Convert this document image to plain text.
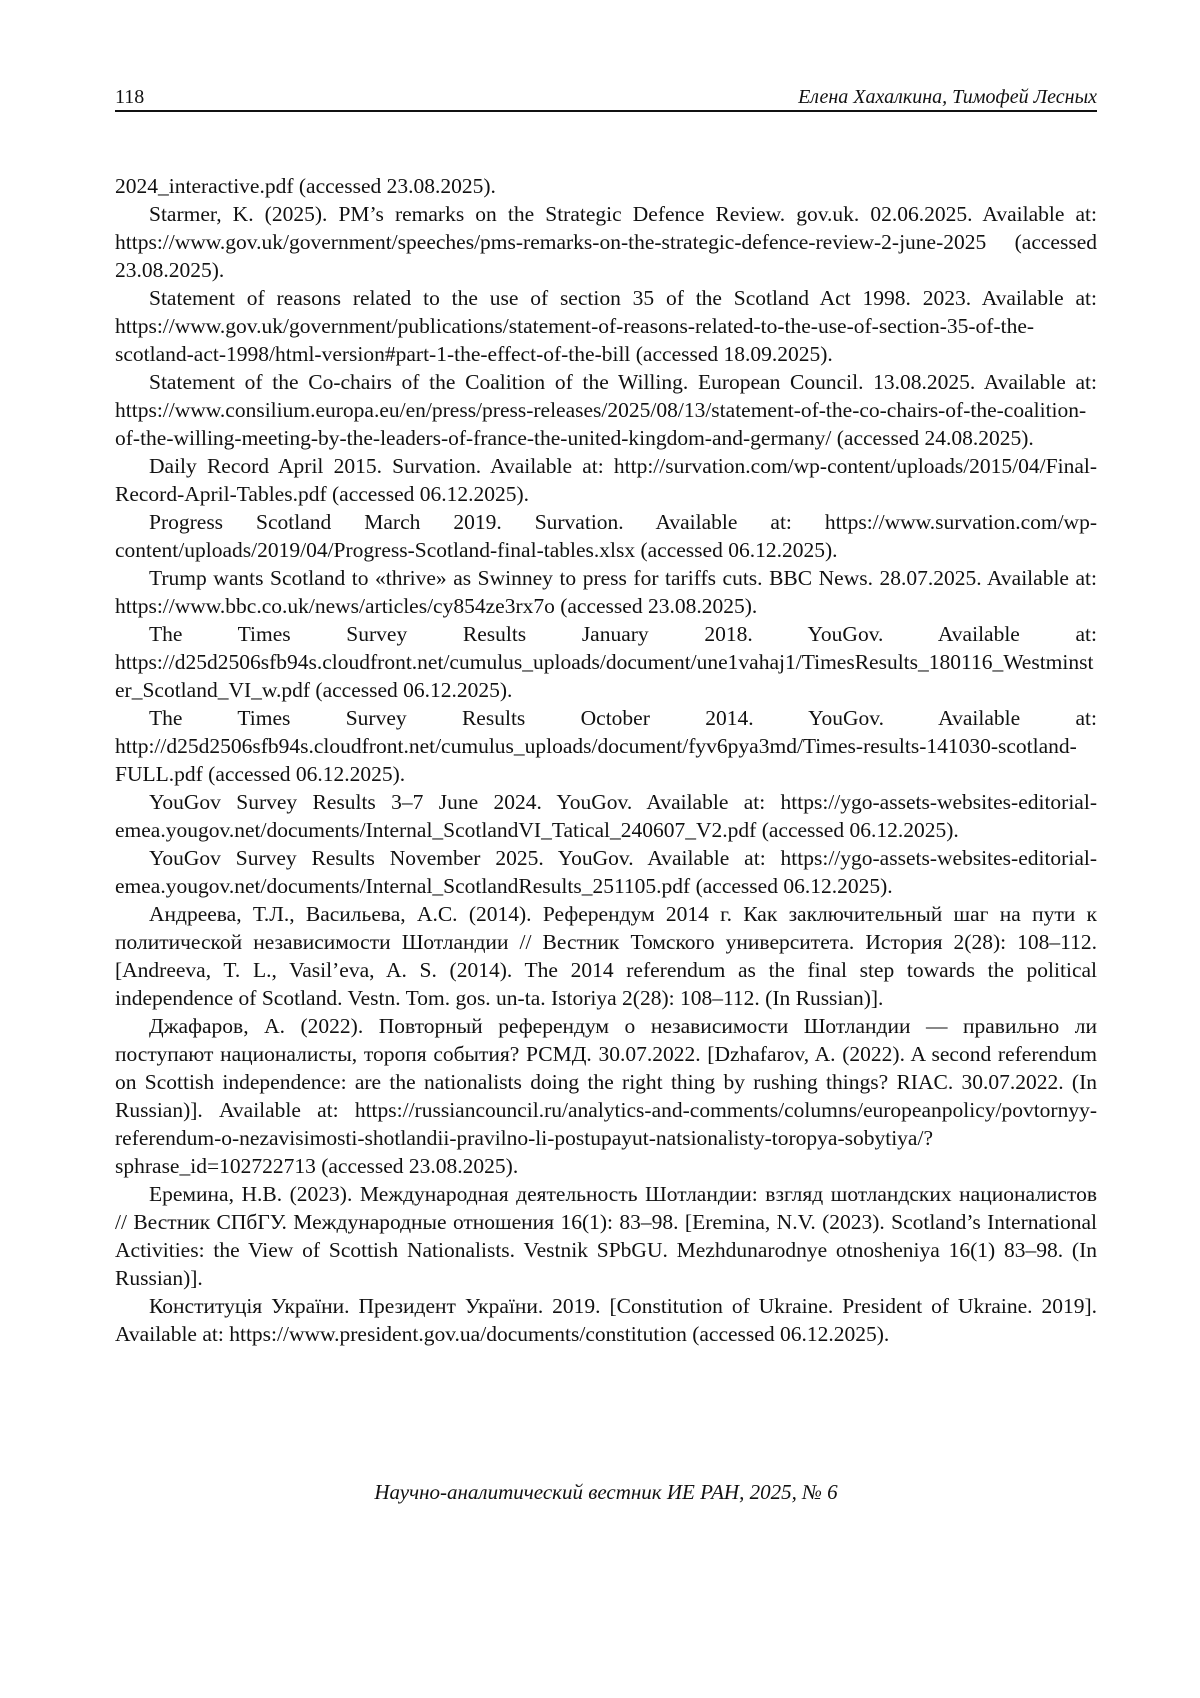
118	Елена Хахалкина, Тимофей Лесных

2024_interactive.pdf (accessed 23.08.2025).

Starmer, K. (2025). PM’s remarks on the Strategic Defence Review. gov.uk. 02.06.2025. Available at: https://www.gov.uk/government/speeches/pms-remarks-on-the-strategic-defence-review-2-june-2025 (accessed 23.08.2025).

Statement of reasons related to the use of section 35 of the Scotland Act 1998. 2023. Available at: https://www.gov.uk/government/publications/statement-of-reasons-related-to-the-use-of-section-35-of-the-scotland-act-1998/html-version#part-1-the-effect-of-the-bill (accessed 18.09.2025).

Statement of the Co-chairs of the Coalition of the Willing. European Council. 13.08.2025. Available at: https://www.consilium.europa.eu/en/press/press-releases/2025/08/13/statement-of-the-co-chairs-of-the-coalition-of-the-willing-meeting-by-the-leaders-of-france-the-united-kingdom-and-germany/ (accessed 24.08.2025).

Daily Record April 2015. Survation. Available at: http://survation.com/wp-content/uploads/2015/04/Final-Record-April-Tables.pdf (accessed 06.12.2025).

Progress Scotland March 2019. Survation. Available at: https://www.survation.com/wp-content/uploads/2019/04/Progress-Scotland-final-tables.xlsx (accessed 06.12.2025).

Trump wants Scotland to «thrive» as Swinney to press for tariffs cuts. BBC News. 28.07.2025. Available at: https://www.bbc.co.uk/news/articles/cy854ze3rx7o (accessed 23.08.2025).

The Times Survey Results January 2018. YouGov. Available at: https://d25d2506sfb94s.cloudfront.net/cumulus_uploads/document/une1vahaj1/TimesResults_180116_Westminster_Scotland_VI_w.pdf (accessed 06.12.2025).

The Times Survey Results October 2014. YouGov. Available at: http://d25d2506sfb94s.cloudfront.net/cumulus_uploads/document/fyv6pya3md/Times-results-141030-scotland-FULL.pdf (accessed 06.12.2025).

YouGov Survey Results 3–7 June 2024. YouGov. Available at: https://ygo-assets-websites-editorial-emea.yougov.net/documents/Internal_ScotlandVI_Tatical_240607_V2.pdf (accessed 06.12.2025).

YouGov Survey Results November 2025. YouGov. Available at: https://ygo-assets-websites-editorial-emea.yougov.net/documents/Internal_ScotlandResults_251105.pdf (accessed 06.12.2025).

Андреева, Т.Л., Васильева, А.С. (2014). Референдум 2014 г. Как заключительный шаг на пути к политической независимости Шотландии // Вестник Томского университета. История 2(28): 108–112. [Andreeva, T. L., Vasil’eva, A. S. (2014). The 2014 referendum as the final step towards the political independence of Scotland. Vestn. Tom. gos. un-ta. Istoriya 2(28): 108–112. (In Russian)].

Джафаров, А. (2022). Повторный референдум о независимости Шотландии — правильно ли поступают националисты, торопя события? РСМД. 30.07.2022. [Dzhafarov, A. (2022). A second referendum on Scottish independence: are the nationalists doing the right thing by rushing things? RIAC. 30.07.2022. (In Russian)]. Available at: https://russiancouncil.ru/analytics-and-comments/columns/europeanpolicy/povtornyy-referendum-o-nezavisimosti-shotlandii-pravilno-li-postupayut-natsionalisty-toropya-sobytiya/?sphrase_id=102722713 (accessed 23.08.2025).

Еремина, Н.В. (2023). Международная деятельность Шотландии: взгляд шотландских националистов // Вестник СПбГУ. Международные отношения 16(1): 83–98. [Eremina, N.V. (2023). Scotland’s International Activities: the View of Scottish Nationalists. Vestnik SPbGU. Mezhdunarodnye otnosheniya 16(1) 83–98. (In Russian)].

Конституція України. Президент України. 2019. [Constitution of Ukraine. President of Ukraine. 2019]. Available at: https://www.president.gov.ua/documents/constitution (accessed 06.12.2025).

Научно-аналитический вестник ИЕ РАН, 2025, № 6
